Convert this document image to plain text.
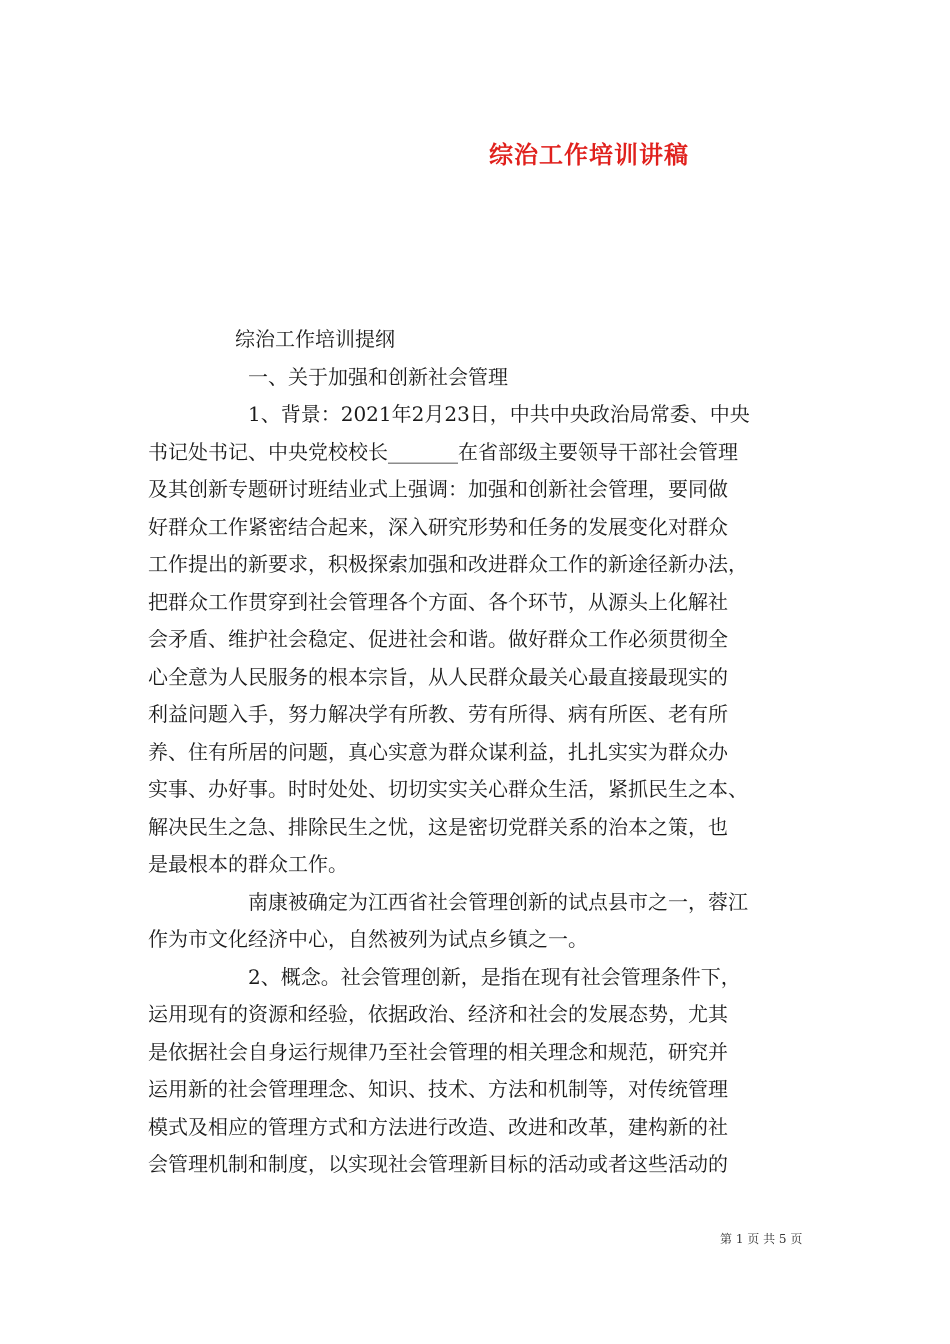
综治工作培训讲稿
综治工作培训提纲
一、关于加强和创新社会管理
1、背景：2021年2月23日，中共中央政治局常委、中央
书记处书记、中央党校校长_______在省部级主要领导干部社会管理
及其创新专题研讨班结业式上强调：加强和创新社会管理，要同做
好群众工作紧密结合起来，深入研究形势和任务的发展变化对群众
工作提出的新要求，积极探索加强和改进群众工作的新途径新办法，
把群众工作贯穿到社会管理各个方面、各个环节，从源头上化解社
会矛盾、维护社会稳定、促进社会和谐。做好群众工作必须贯彻全
心全意为人民服务的根本宗旨，从人民群众最关心最直接最现实的
利益问题入手，努力解决学有所教、劳有所得、病有所医、老有所
养、住有所居的问题，真心实意为群众谋利益，扎扎实实为群众办
实事、办好事。时时处处、切切实实关心群众生活，紧抓民生之本、
解决民生之急、排除民生之忧，这是密切党群关系的治本之策，也
是最根本的群众工作。
南康被确定为江西省社会管理创新的试点县市之一，蓉江
作为市文化经济中心，自然被列为试点乡镇之一。
2、概念。社会管理创新，是指在现有社会管理条件下，
运用现有的资源和经验，依据政治、经济和社会的发展态势，尤其
是依据社会自身运行规律乃至社会管理的相关理念和规范，研究并
运用新的社会管理理念、知识、技术、方法和机制等，对传统管理
模式及相应的管理方式和方法进行改造、改进和改革，建构新的社
会管理机制和制度，以实现社会管理新目标的活动或者这些活动的
第 1 页 共 5 页
